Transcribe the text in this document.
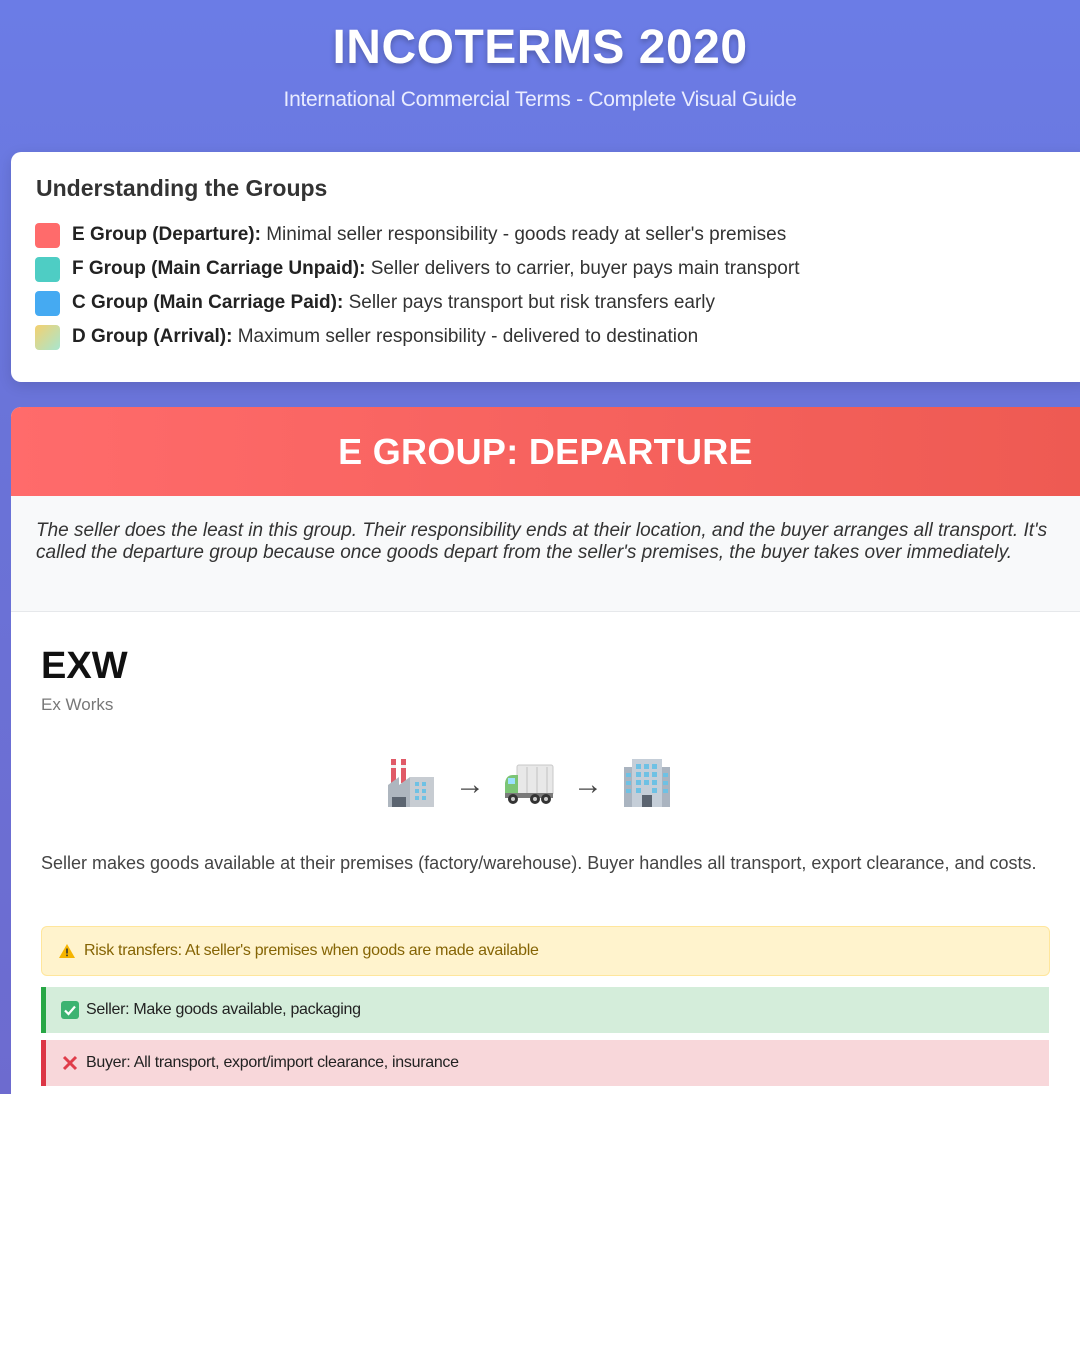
INCOTERMS 2020
International Commercial Terms - Complete Visual Guide
Understanding the Groups
E Group (Departure): Minimal seller responsibility - goods ready at seller's premises
F Group (Main Carriage Unpaid): Seller delivers to carrier, buyer pays main transport
C Group (Main Carriage Paid): Seller pays transport but risk transfers early
D Group (Arrival): Maximum seller responsibility - delivered to destination
E GROUP: DEPARTURE
The seller does the least in this group. Their responsibility ends at their location, and the buyer arranges all transport. It's called the departure group because once goods depart from the seller's premises, the buyer takes over immediately.
EXW
Ex Works
→	→
Seller makes goods available at their premises (factory/warehouse). Buyer handles all transport, export clearance, and costs.
Risk transfers: At seller's premises when goods are made available
Seller: Make goods available, packaging
Buyer: All transport, export/import clearance, insurance
